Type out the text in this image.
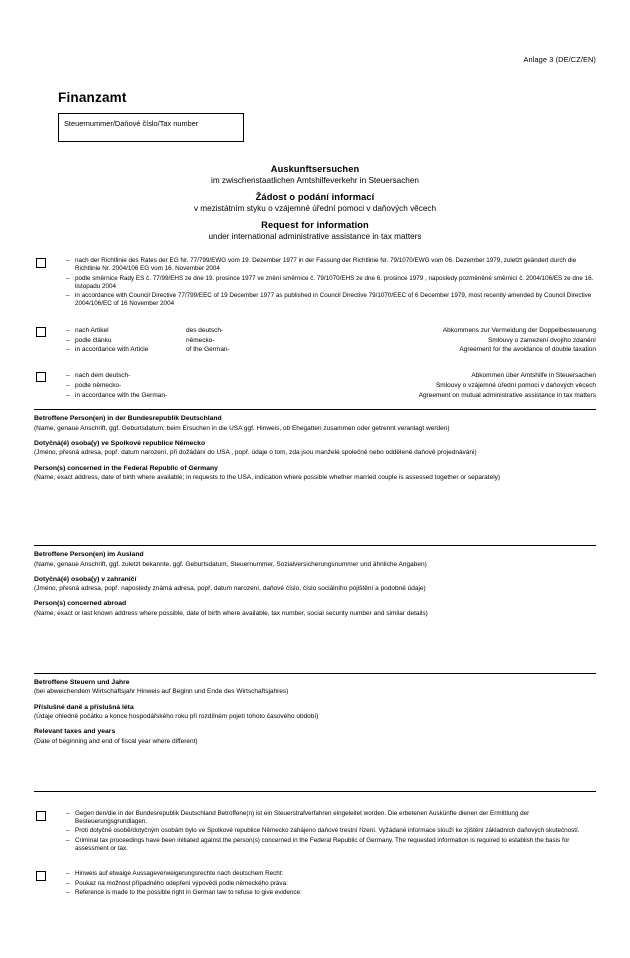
Anlage 3 (DE/CZ/EN)
Finanzamt
Steuernummer/Daňové číslo/Tax number
Auskunftsersuchen
im zwischenstaatlichen Amtshilfeverkehr in Steuersachen
Žádost o podání informací
v mezistátním styku o vzájemné úřední pomoci v daňových věcech
Request for information
under international administrative assistance in tax matters
– nach der Richtlinie des Rates der EG Nr. 77/799/EWG vom 19. Dezember 1977 in der Fassung der Richtlinie Nr. 79/1070/EWG vom 06. Dezember 1979, zuletzt geändert durch die Richtlinie Nr. 2004/106 EG vom 16. November 2004
– podle směrnice Rady ES č. 77/99/EHS ze dne 19. prosince 1977 ve znění směrnice č. 79/1070/EHS ze dne 6. prosince 1979 , naposledy pozměněné směrnicí č. 2004/106/ES ze dne 16. listopadu 2004
– in accordance with Council Directive 77/799/EEC of 19 December 1977 as published in Council Directive 79/1070/EEC of 6 December 1979, most recently amended by Council Directive 2004/106/EC of 16 November 2004
– nach Artikel	des deutsch-	Abkommens zur Vermeidung der Doppelbesteuerung
– podle článku	německo-	Smlouvy o zamezení dvojího zdanění
– in accordance with Article	of the German-	Agreement for the avoidance of double taxation
– nach dem deutsch-	Abkommen über Amtshilfe in Steuersachen
– podle německo-	Smlouvy o vzájemné úřední pomoci v daňových věcech
– in accordance with the German-	Agreement on mutual administrative assistance in tax matters

Betroffene Person(en) in der Bundesrepublik Deutschland
(Name, genaue Anschrift, ggf. Geburtsdatum; beim Ersuchen in die USA ggf. Hinweis, ob Ehegatten zusammen oder getrennt veranlagt werden)

Dotyčná(é) osoba(y) ve Spolkové republice Německo
(Jméno, přesná adresa, popř. datum narození, při dožádání do USA , popř. údaje o tom, zda jsou manželé společně nebo odděleně daňově projednáváni)

Person(s) concerned in the Federal Republic of Germany
(Name, exact address, date of birth where available; in requests to the USA, indication where possible whether married couple is assessed together or separately)

Betroffene Person(en) im Ausland
(Name, genaue Anschrift, ggf. zuletzt bekannte, ggf. Geburtsdatum, Steuernummer, Sozialversicherungsnummer und ähnliche Angaben)

Dotyčná(é) osoba(y) v zahraničí
(Jméno, přesná adresa, popř. naposledy známá adresa, popř. datum narození, daňové číslo, číslo sociálního pojištění a podobné údaje)

Person(s) concerned abroad
(Name, exact or last known address where possible, date of birth where available, tax number, social security number and similar details)

Betroffene Steuern und Jahre
(bei abweichendem Wirtschaftsjahr Hinweis auf Beginn und Ende des Wirtschaftsjahres)

Příslušné daně a příslušná léta
(Údaje ohledně počátku a konce hospodářského roku při rozdílném pojetí tohoto časového období)

Relevant taxes and years
(Date of beginning and end of fiscal year where different)

– Gegen den/die in der Bundesrepublik Deutschland Betroffene(n) ist ein Steuerstrafverfahren eingeleitet worden. Die erbetenen Auskünfte dienen der Ermittlung der Besteuerungsgrundlagen.
– Proti dotyčné osobě/dotyčným osobám bylo ve Spolkové republice Německo zahájeno daňové trestní řízení. Vyžádané informace slouží ke zjištění základních daňových skutečností.
– Criminal tax proceedings have been initiated against the person(s) concerned in the Federal Republic of Germany. The requested information is required to establish the basis for assessment or tax.
– Hinweis auf etwaige Aussageverweigerungsrechte nach deutschem Recht:
– Poukaz na možnost případného odepření výpovědi podle německého práva:
– Reference is made to the possible right in German law to refuse to give evidence:
